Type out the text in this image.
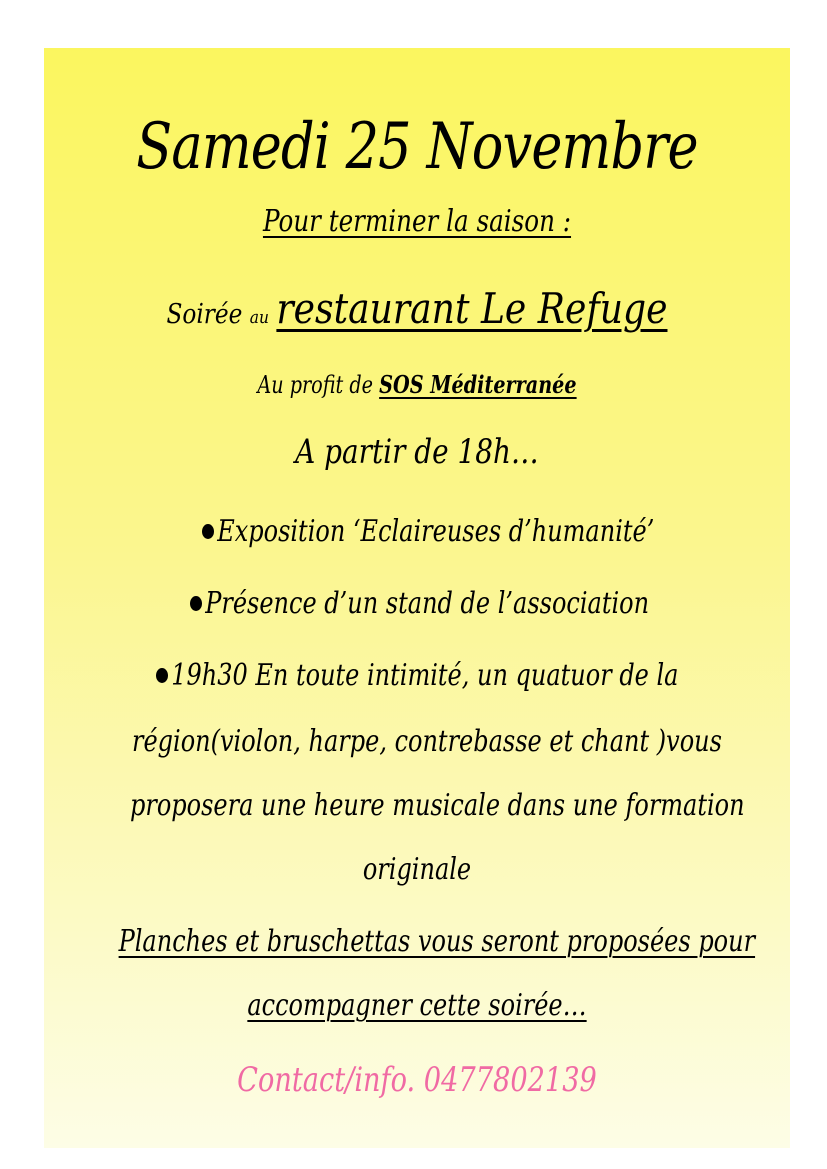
Samedi 25 Novembre
Pour terminer la saison :
Soirée au restaurant Le Refuge
Au profit de SOS Méditerranée
A partir de 18h…
Exposition ‘Eclaireuses d’humanité’
Présence d’un stand de l’association
19h30 En toute intimité, un quatuor de la
région(violon, harpe, contrebasse et chant )vous
proposera une heure musicale dans une formation
originale
Planches et bruschettas vous seront proposées pour
accompagner cette soirée…
Contact/info. 0477802139
